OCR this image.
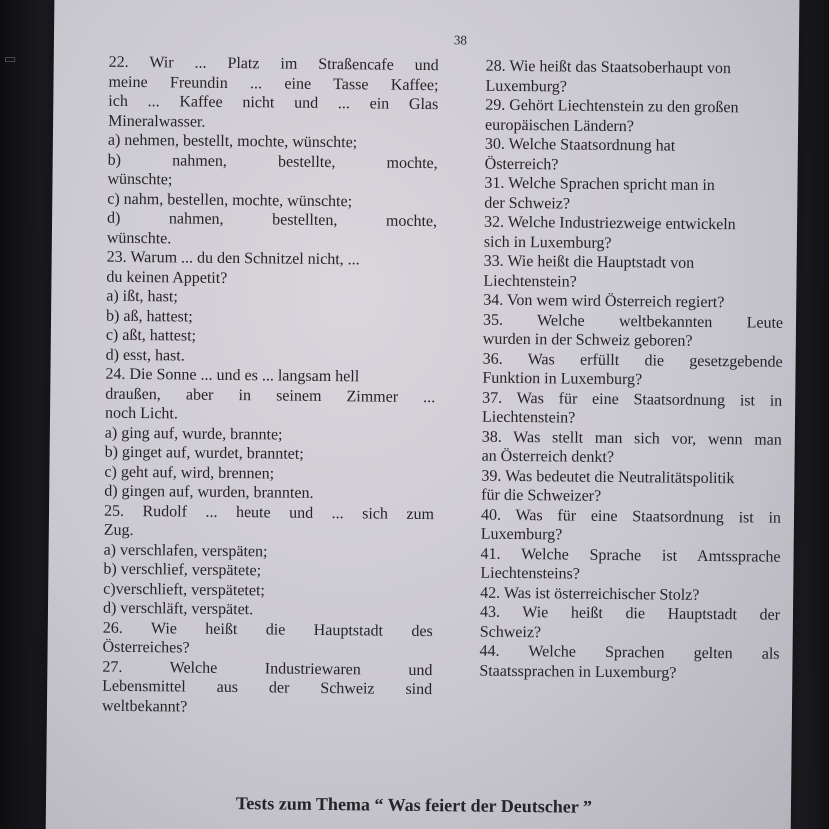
▭
38
22. Wir ... Platz im Straßencafe und
meine Freundin ... eine Tasse Kaffee;
ich ... Kaffee nicht und ... ein Glas
Mineralwasser.
a) nehmen, bestellt, mochte, wünschte;
b) nahmen, bestellte, mochte,
wünschte;
c) nahm, bestellen, mochte, wünschte;
d) nahmen, bestellten, mochte,
wünschte.
23. Warum ... du den Schnitzel nicht, ...
du keinen Appetit?
a) ißt, hast;
b) aß, hattest;
c) aßt, hattest;
d) esst, hast.
24. Die Sonne ... und es ... langsam hell
draußen, aber in seinem Zimmer ...
noch Licht.
a) ging auf, wurde, brannte;
b) ginget auf, wurdet, branntet;
c) geht auf, wird, brennen;
d) gingen auf, wurden, brannten.
25. Rudolf ... heute und ... sich zum
Zug.
a) verschlafen, verspäten;
b) verschlief, verspätete;
c)verschlieft, verspätetet;
d) verschläft, verspätet.
26. Wie heißt die Hauptstadt des
Österreiches?
27. Welche Industriewaren und
Lebensmittel aus der Schweiz sind
weltbekannt?
28. Wie heißt das Staatsoberhaupt von
Luxemburg?
29. Gehört Liechtenstein zu den großen
europäischen Ländern?
30. Welche Staatsordnung hat
Österreich?
31. Welche Sprachen spricht man in
der Schweiz?
32. Welche Industriezweige entwickeln
sich in Luxemburg?
33. Wie heißt die Hauptstadt von
Liechtenstein?
34. Von wem wird Österreich regiert?
35. Welche weltbekannten Leute
wurden in der Schweiz geboren?
36. Was erfüllt die gesetzgebende
Funktion in Luxemburg?
37. Was für eine Staatsordnung ist in
Liechtenstein?
38. Was stellt man sich vor, wenn man
an Österreich denkt?
39. Was bedeutet die Neutralitätspolitik
für die Schweizer?
40. Was für eine Staatsordnung ist in
Luxemburg?
41. Welche Sprache ist Amtssprache
Liechtensteins?
42. Was ist österreichischer Stolz?
43. Wie heißt die Hauptstadt der
Schweiz?
44. Welche Sprachen gelten als
Staatssprachen in Luxemburg?
Tests zum Thema “ Was feiert der Deutscher ”
